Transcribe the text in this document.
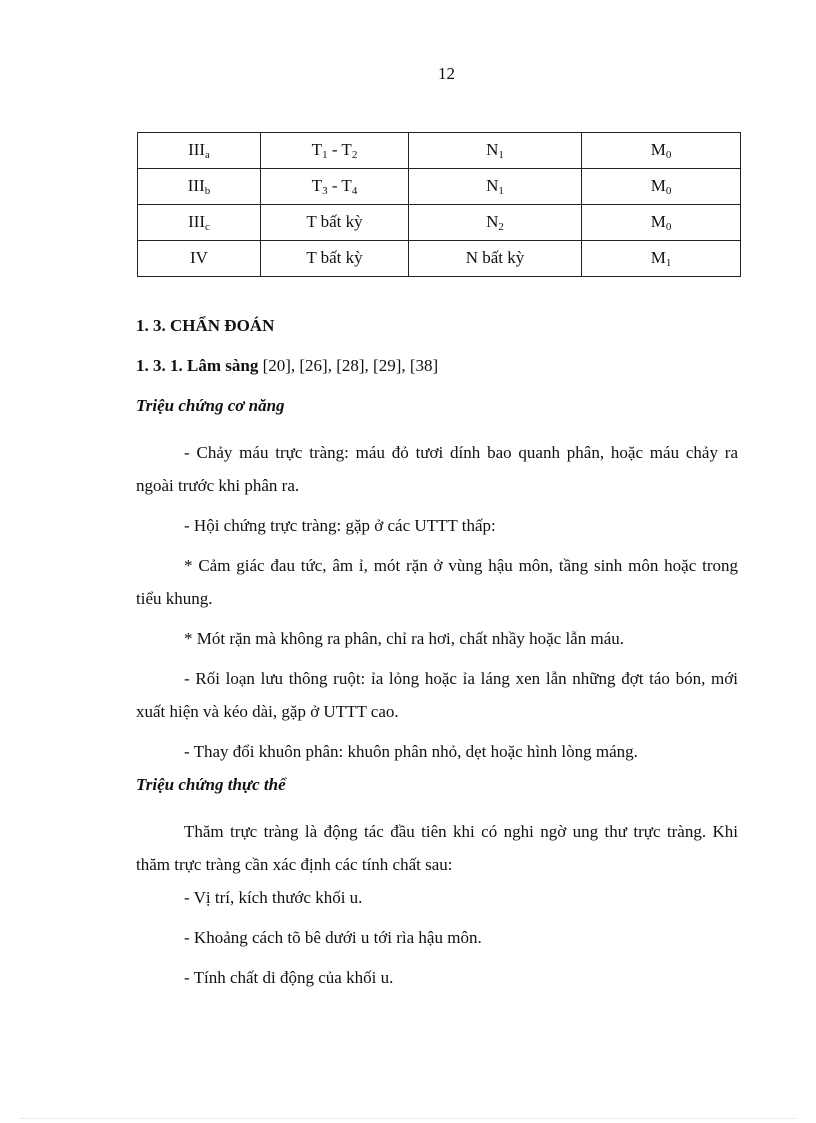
12
$III_a$	$T_1 - T_2$	$N_1$	$M_0$
$III_b$	$T_3 - T_4$	$N_1$	$M_0$
$III_c$	T bất kỳ	$N_2$	$M_0$
IV	T bất kỳ	N bất kỳ	$M_1$

1. 3. CHẨN ĐOÁN

1. 3. 1. Lâm sàng [20], [26], [28], [29], [38]

Triệu chứng cơ năng

- Chảy máu trực tràng: máu đỏ tươi dính bao quanh phân, hoặc máu chảy ra ngoài trước khi phân ra.

- Hội chứng trực tràng: gặp ở các UTTT thấp:

* Cảm giác đau tức, âm ỉ, mót rặn ở vùng hậu môn, tầng sinh môn hoặc trong tiểu khung.

* Mót rặn mà không ra phân, chỉ ra hơi, chất nhầy hoặc lẫn máu.

- Rối loạn lưu thông ruột: ỉa lỏng hoặc ỉa láng xen lẫn những đợt táo bón, mới xuất hiện và kéo dài, gặp ở UTTT cao.

- Thay đổi khuôn phân: khuôn phân nhỏ, dẹt hoặc hình lòng máng.

Triệu chứng thực thể

Thăm trực tràng là động tác đầu tiên khi có nghi ngờ ung thư trực tràng. Khi thăm trực tràng cần xác định các tính chất sau:

- Vị trí, kích thước khối u.

- Khoảng cách tõ bê dưới u tới rìa hậu môn.

- Tính chất di động của khối u.
